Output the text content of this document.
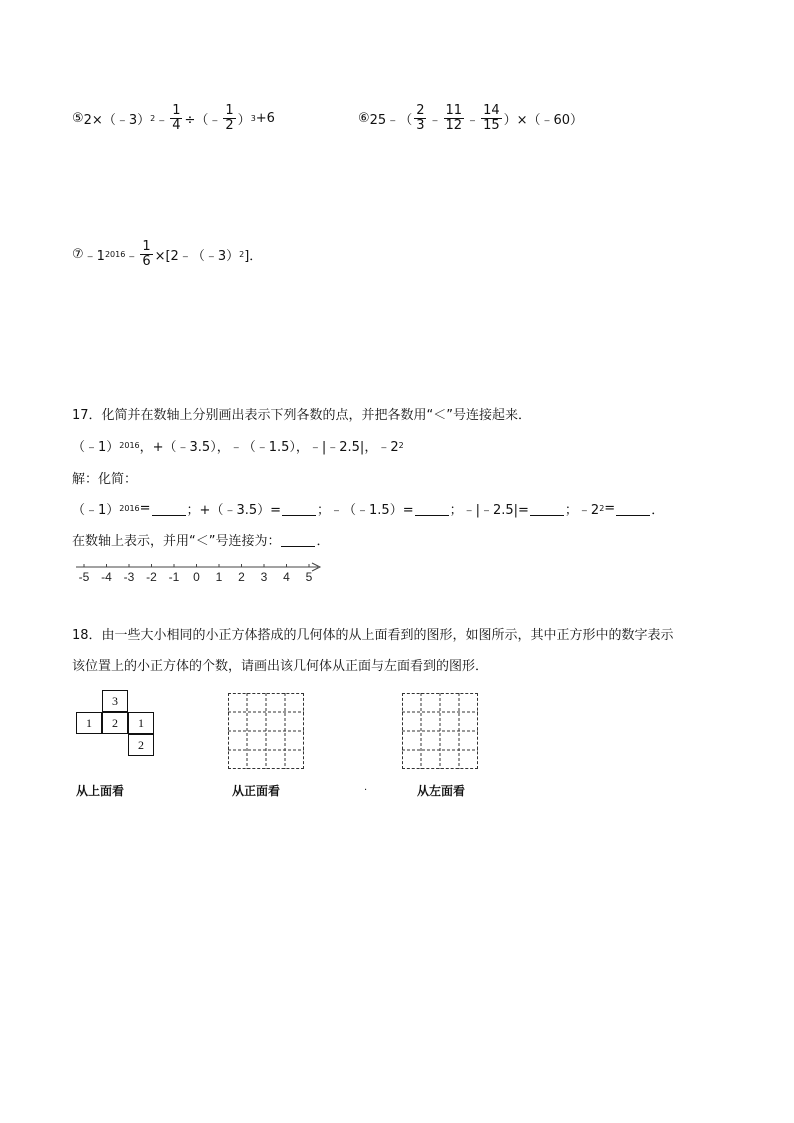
⑤ 2×（﹣3） 2 ﹣ $\frac{1}{4}$ ÷（﹣ $\frac{1}{2}$ ） 3 +6	⑥ 25﹣（ $\frac{2}{3}$ ﹣ $\frac{11}{12}$ ﹣ $\frac{14}{15}$ ）×（﹣60）
⑦ ﹣1 2016 ﹣ $\frac{1}{6}$ ×[2﹣（﹣3） 2 ]．
17．化简并在数轴上分别画出表示下列各数的点，并把各数用“＜”号连接起来．
（﹣1） 2016 ，+（﹣3.5），﹣（﹣1.5），﹣|﹣2.5|，﹣2 2
解：化简：
（﹣1） 2016 =	；+（﹣3.5）=	；﹣（﹣1.5）=	；﹣|﹣2.5|=	；﹣2 2 =	．
在数轴上表示，并用“＜”号连接为：	．
-5 -4 -3 -2 -1 0 1 2 3 4 5
18．由一些大小相同的小正方体搭成的几何体的从上面看到的图形，如图所示，其中正方形中的数字表示
该位置上的小正方体的个数，请画出该几何体从正面与左面看到的图形．
3
1	2	1
2
从上面看	从正面看	.	从左面看
